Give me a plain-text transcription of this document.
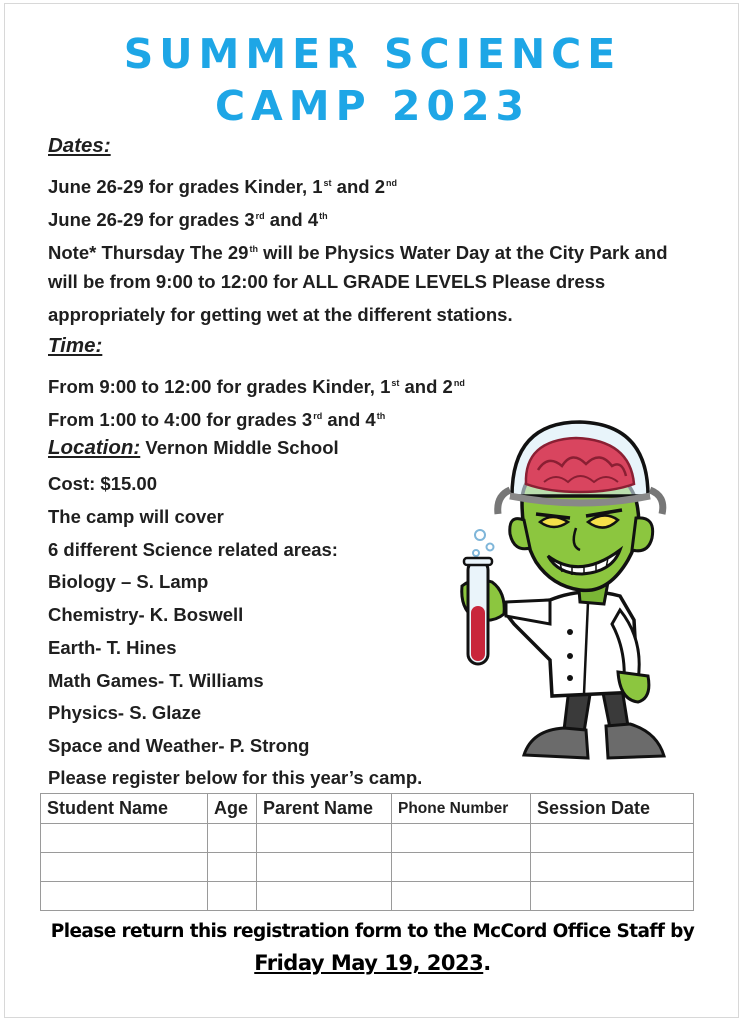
SUMMER SCIENCE
CAMP 2023
Dates:
June 26-29 for grades Kinder, 1st and 2nd
June 26-29 for grades 3rd and 4th
Note* Thursday The 29th will be Physics Water Day at the City Park and
will be from 9:00 to 12:00 for ALL GRADE LEVELS Please dress
appropriately for getting wet at the different stations.
Time:
From 9:00 to 12:00 for grades Kinder, 1st and 2nd
From 1:00 to 4:00 for grades 3rd and 4th
Location: Vernon Middle School
Cost: $15.00
The camp will cover
6 different Science related areas:
Biology – S. Lamp
Chemistry- K. Boswell
Earth- T. Hines
Math Games- T. Williams
Physics- S. Glaze
Space and Weather- P. Strong
Please register below for this year’s camp.
Student Name	Age	Parent Name	Phone Number	Session Date

Please return this registration form to the McCord Office Staff by
Friday May 19, 2023.
